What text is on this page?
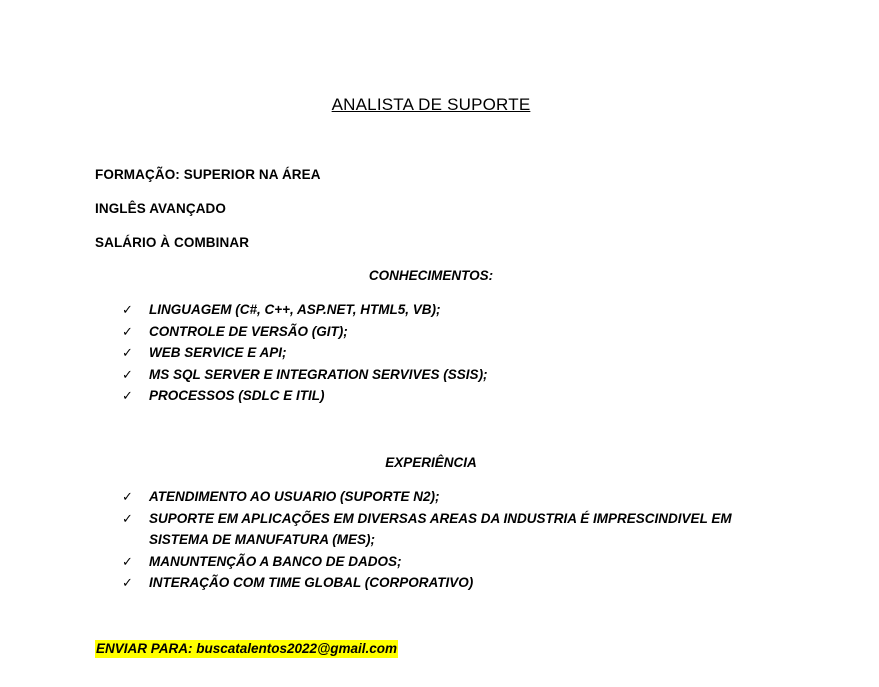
ANALISTA DE SUPORTE
FORMAÇÃO: SUPERIOR NA ÁREA
INGLÊS AVANÇADO
SALÁRIO À COMBINAR
CONHECIMENTOS:
✓ LINGUAGEM (C#, C++, ASP.NET, HTML5, VB);
✓ CONTROLE DE VERSÃO (GIT);
✓ WEB SERVICE E API;
✓ MS SQL SERVER E INTEGRATION SERVIVES (SSIS);
✓ PROCESSOS (SDLC E ITIL)
EXPERIÊNCIA
✓ ATENDIMENTO AO USUARIO (SUPORTE N2);
✓ SUPORTE EM APLICAÇÕES EM DIVERSAS AREAS DA INDUSTRIA É IMPRESCINDIVEL EM SISTEMA DE MANUFATURA (MES);
✓ MANUNTENÇÃO A BANCO DE DADOS;
✓ INTERAÇÃO COM TIME GLOBAL (CORPORATIVO)
ENVIAR PARA: buscatalentos2022@gmail.com
